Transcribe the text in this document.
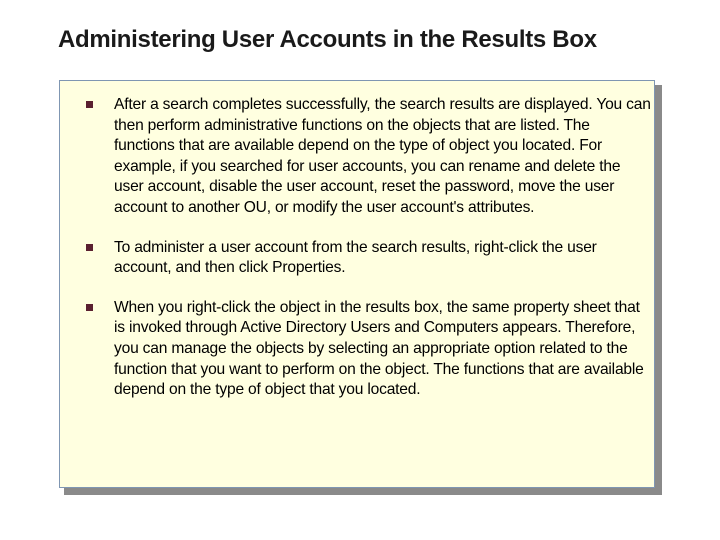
Administering User Accounts in the Results Box
After a search completes successfully, the search results are displayed. You can then perform administrative functions on the objects that are listed. The functions that are available depend on the type of object you located. For example, if you searched for user accounts, you can rename and delete the user account, disable the user account, reset the password, move the user account to another OU, or modify the user account's attributes.
To administer a user account from the search results, right-click the user account, and then click Properties.
When you right-click the object in the results box, the same property sheet that is invoked through Active Directory Users and Computers appears. Therefore, you can manage the objects by selecting an appropriate option related to the function that you want to perform on the object. The functions that are available depend on the type of object that you located.
